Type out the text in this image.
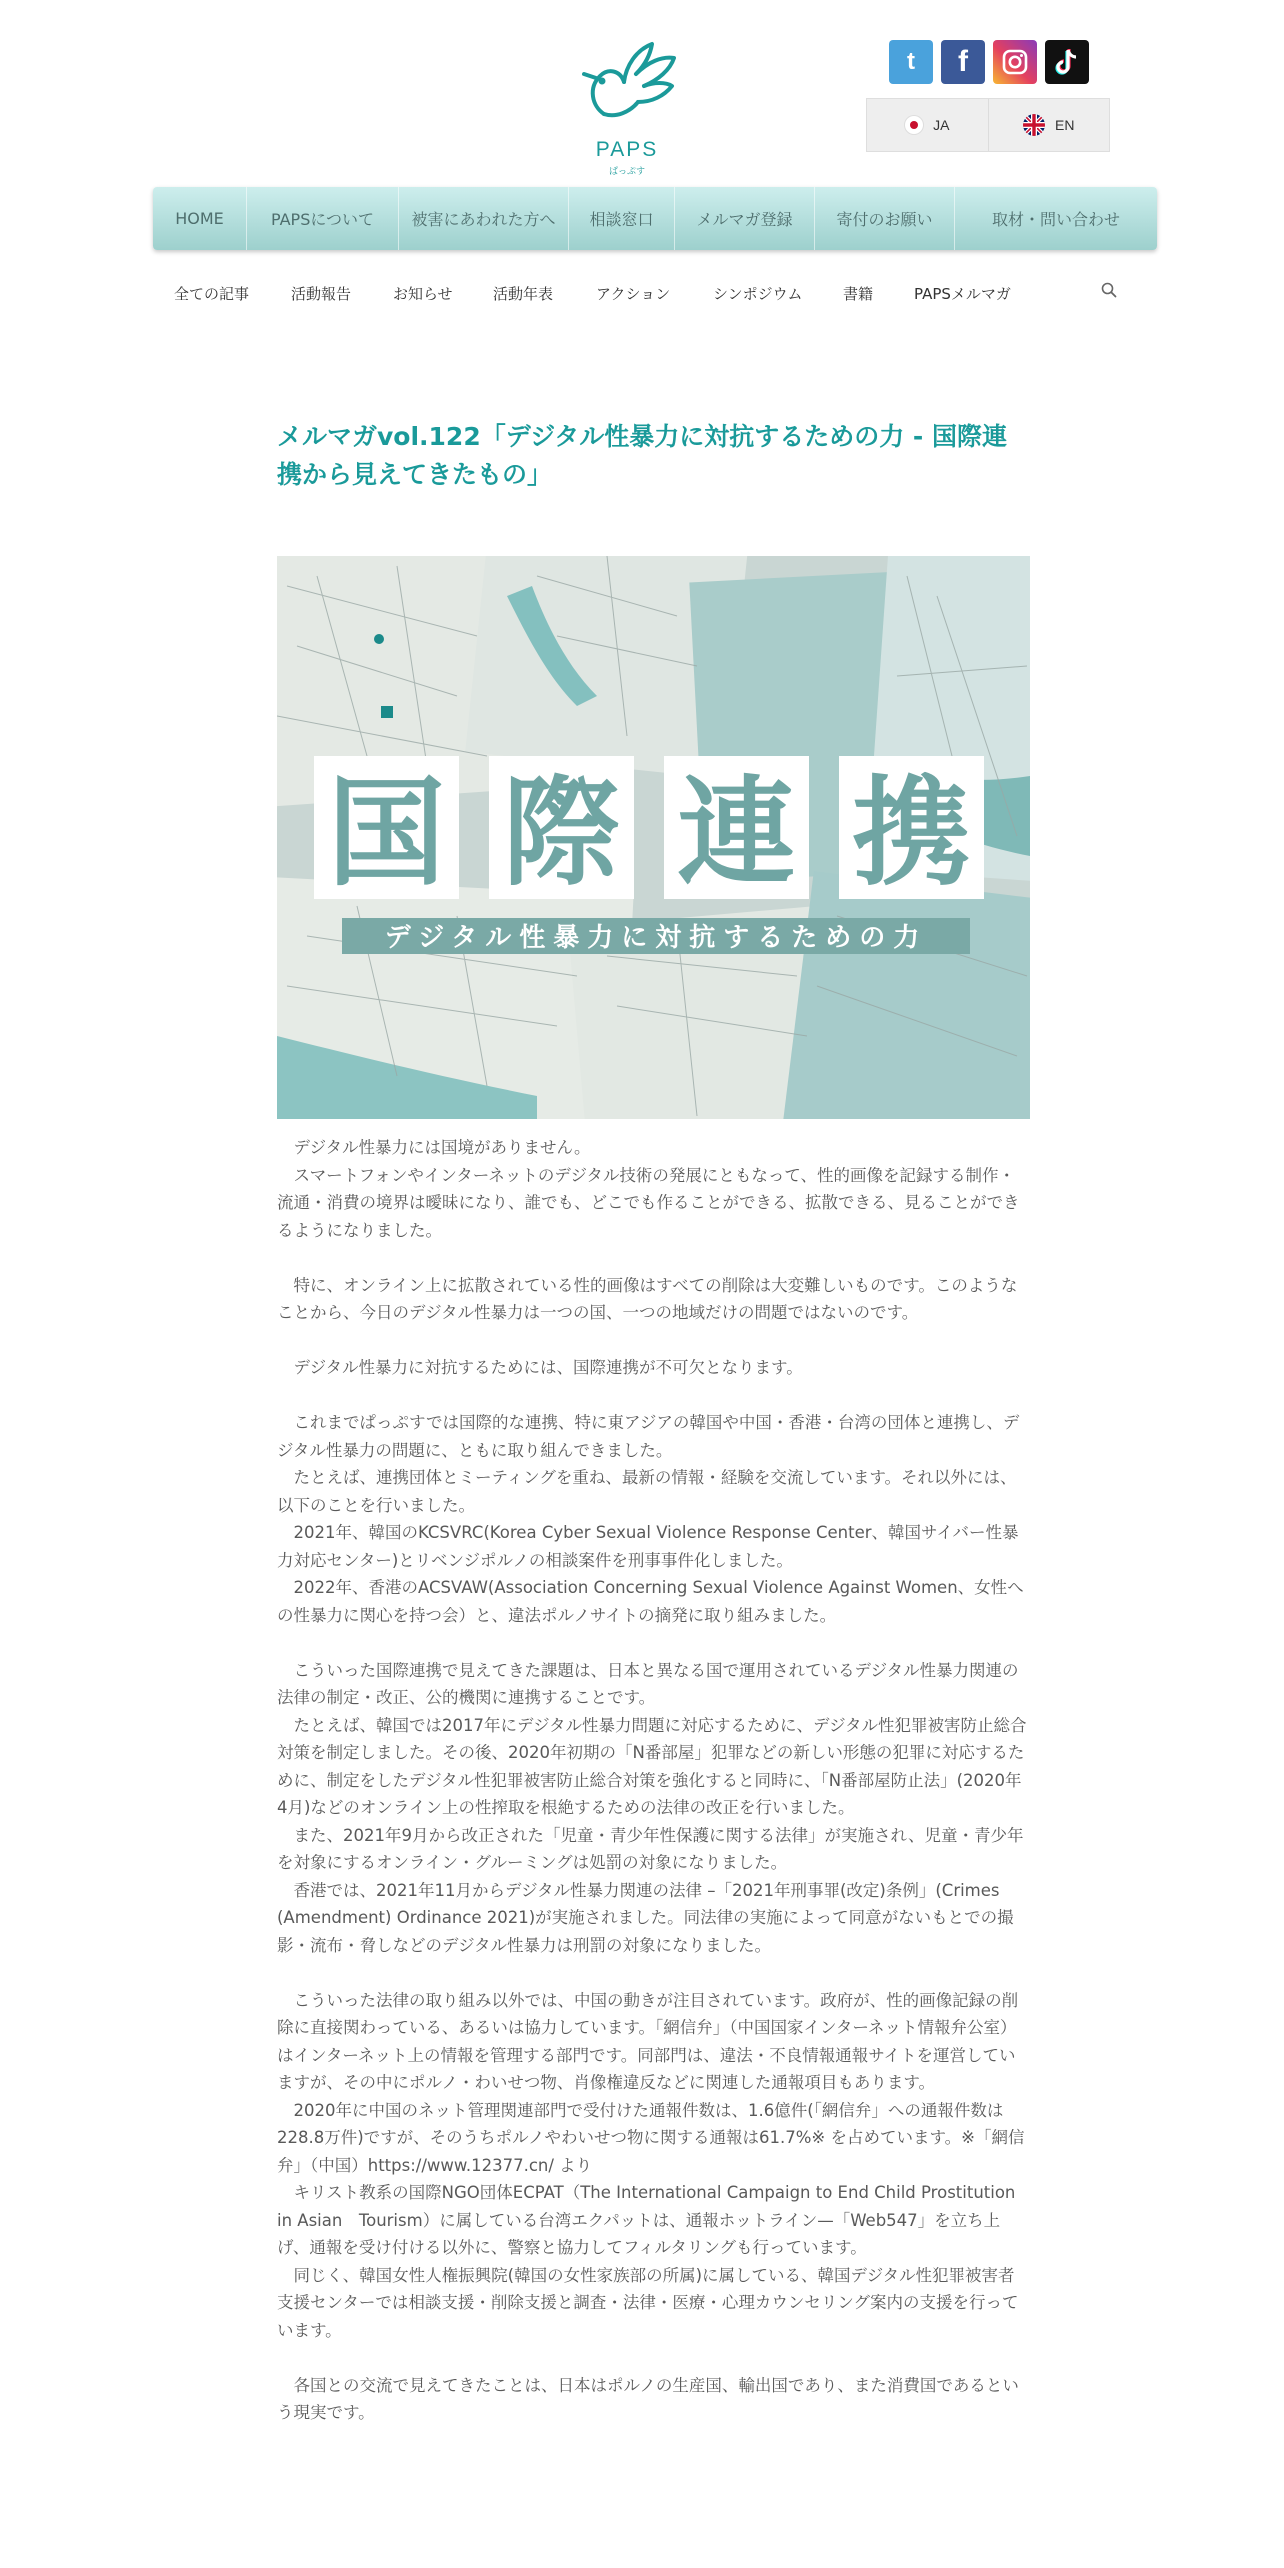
PAPS
ぱっぷす
t	f
JA	EN
HOME	PAPSについて	被害にあわれた方へ	相談窓口	メルマガ登録	寄付のお願い	取材・問い合わせ
全ての記事	活動報告	お知らせ	活動年表	アクション	シンポジウム	書籍	PAPSメルマガ
メルマガvol.122「デジタル性暴力に対抗するための力 - 国際連携から見えてきたもの」
国 際 連 携
デジタル性暴力に対抗するための力

　デジタル性暴力には国境がありません。

　スマートフォンやインターネットのデジタル技術の発展にともなって、性的画像を記録する制作・流通・消費の境界は曖昧になり、誰でも、どこでも作ることができる、拡散できる、見ることができるようになりました。

　特に、オンライン上に拡散されている性的画像はすべての削除は大変難しいものです。このようなことから、今日のデジタル性暴力は一つの国、一つの地域だけの問題ではないのです。

　デジタル性暴力に対抗するためには、国際連携が不可欠となります。

　これまでぱっぷすでは国際的な連携、特に東アジアの韓国や中国・香港・台湾の団体と連携し、デジタル性暴力の問題に、ともに取り組んできました。

　たとえば、連携団体とミーティングを重ね、最新の情報・経験を交流しています。それ以外には、以下のことを行いました。

　2021年、韓国のKCSVRC(Korea Cyber Sexual Violence Response Center、韓国サイバー性暴力対応センター)とリベンジポルノの相談案件を刑事事件化しました。

　2022年、香港のACSVAW(Association Concerning Sexual Violence Against Women、女性への性暴力に関心を持つ会）と、違法ポルノサイトの摘発に取り組みました。

　こういった国際連携で見えてきた課題は、日本と異なる国で運用されているデジタル性暴力関連の法律の制定・改正、公的機関に連携することです。

　たとえば、韓国では2017年にデジタル性暴力問題に対応するために、デジタル性犯罪被害防止総合対策を制定しました。その後、2020年初期の「N番部屋」犯罪などの新しい形態の犯罪に対応するために、制定をしたデジタル性犯罪被害防止総合対策を強化すると同時に、「N番部屋防止法」(2020年4月)などのオンライン上の性搾取を根絶するための法律の改正を行いました。

　また、2021年9月から改正された「児童・青少年性保護に関する法律」が実施され、児童・青少年を対象にするオンライン・グルーミングは処罰の対象になりました。

　香港では、2021年11月からデジタル性暴力関連の法律 –「2021年刑事罪(改定)条例」(Crimes (Amendment) Ordinance 2021)が実施されました。同法律の実施によって同意がないもとでの撮影・流布・脅しなどのデジタル性暴力は刑罰の対象になりました。

　こういった法律の取り組み以外では、中国の動きが注目されています。政府が、性的画像記録の削除に直接関わっている、あるいは協力しています。「網信弁」（中国国家インターネット情報弁公室）はインターネット上の情報を管理する部門です。同部門は、違法・不良情報通報サイトを運営していますが、その中にポルノ・わいせつ物、肖像権違反などに関連した通報項目もあります。

　2020年に中国のネット管理関連部門で受付けた通報件数は、1.6億件(「網信弁」への通報件数は228.8万件)ですが、そのうちポルノやわいせつ物に関する通報は61.7%※ を占めています。※「網信弁」（中国）https://www.12377.cn/ より

　キリスト教系の国際NGO団体ECPAT（The International Campaign to End Child Prostitution in Asian　Tourism）に属している台湾エクパットは、通報ホットライン—「Web547」を立ち上げ、通報を受け付ける以外に、警察と協力してフィルタリングも行っています。

　同じく、韓国女性人権振興院(韓国の女性家族部の所属)に属している、韓国デジタル性犯罪被害者支援センターでは相談支援・削除支援と調査・法律・医療・心理カウンセリング案内の支援を行っています。

　各国との交流で見えてきたことは、日本はポルノの生産国、輸出国であり、また消費国であるという現実です。
